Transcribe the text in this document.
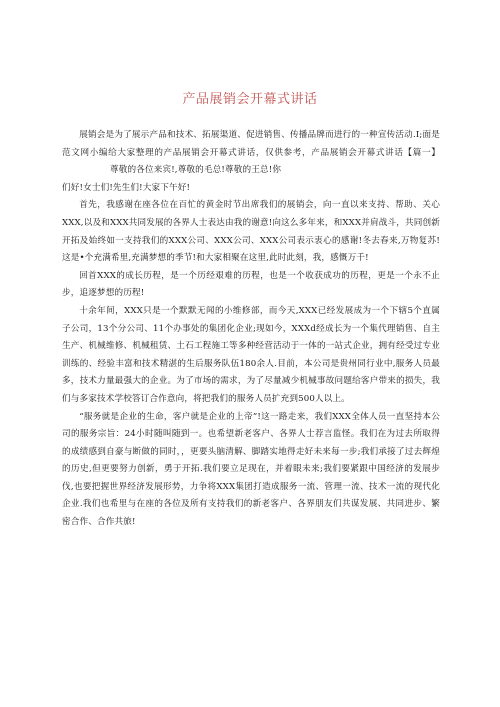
产品展销会开幕式讲话

展销会是为了展示产品和技术、拓展渠道、促进销售、传播品牌而进行的一种宣传活动.I;面是范文网小编给大家整理的产品展销会开幕式讲话，仅供参考，产品展销会开幕式讲话【篇一】尊敬的各位来宾!,尊敬的毛总!尊敬的王总!你

们好!女士们!先生们!大家下午好!

首先，我感谢在座各位在百忙的黄金时节出席我们的展销会，向一直以来支持、帮助、关心XXX,以及和XXX共同发展的各界人士表达由我的谢意!向这么多年来，和XXX并肩战斗，共同创新开拓及始终如一支持我们的XXX公司、XXX公司、XXX公司表示衷心的感谢!冬去春来,万物复苏!这是•个充满希里,充满梦想的季节!和大家相聚在这里,此时此刻，我，感慨万千!

回首XXX的成长历程，是一个历经艰难的历程，也是一个收获成功的历程，更是一个永不止步，追逐梦想的历程!

十余年间，XXX只是一个默默无闻的小维修部，而今天,XXX已经发展成为一个下辖5个直属子公司，13个分公司、11个办事处的集团化企业;现如今，XXXd经成长为一个集代理销售、自主生产、机械维修、机械租赁、土石工程施工等多种经营活动于一体的一站式企业，拥有经受过专业训练的、经验丰富和技术精湛的生后服务队伍180余人.目前，本公司是贵州同行业中,服务人员最多，技术力量最强大的企业。为了市场的需求，为了尽量减少机械事故问题给客户带来的损失，我们与多家技术学校答订合作意向，将把我们的服务人员扩充到500人以上。

“服务就是企业的生命，客户就是企业的上帝”!这一路走来，我们XXX全体人员一直坚持本公司的服务宗旨：24小时随叫随到一。也希望新老客户、各界人士荐言监怪。我们在为过去所取得的成绩感到自豪与断做的同时，，更要头脑清解、脚踏实地得走好未来每一步;我们承接了过去辉煌的历史,但更要努力创新，勇于开拓.我们要立足现在，并着眼未来;我们要紧跟中国经济的发展步伐,也要把握世界经济发展形势，力争将XXX集团打造成服务一流、管理一流、技术一流的现代化企业.我们也希里与在座的各位及所有支持我们的新老客户、各界朋友们共谋发展、共同进步、繁密合作、合作共旅!
